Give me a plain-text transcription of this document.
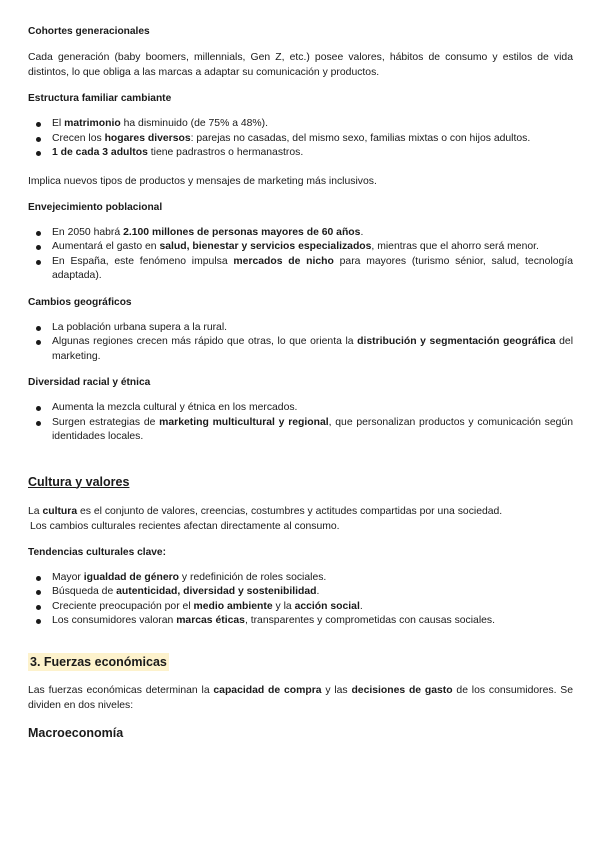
Cohortes generacionales

Cada generación (baby boomers, millennials, Gen Z, etc.) posee valores, hábitos de consumo y estilos de vida distintos, lo que obliga a las marcas a adaptar su comunicación y productos.

Estructura familiar cambiante

El matrimonio ha disminuido (de 75% a 48%).
Crecen los hogares diversos: parejas no casadas, del mismo sexo, familias mixtas o con hijos adultos.
1 de cada 3 adultos tiene padrastros o hermanastros.

Implica nuevos tipos de productos y mensajes de marketing más inclusivos.

Envejecimiento poblacional

En 2050 habrá 2.100 millones de personas mayores de 60 años.
Aumentará el gasto en salud, bienestar y servicios especializados, mientras que el ahorro será menor.
En España, este fenómeno impulsa mercados de nicho para mayores (turismo sénior, salud, tecnología adaptada).

Cambios geográficos

La población urbana supera a la rural.
Algunas regiones crecen más rápido que otras, lo que orienta la distribución y segmentación geográfica del marketing.

Diversidad racial y étnica

Aumenta la mezcla cultural y étnica en los mercados.
Surgen estrategias de marketing multicultural y regional, que personalizan productos y comunicación según identidades locales.

Cultura y valores

La cultura es el conjunto de valores, creencias, costumbres y actitudes compartidas por una sociedad.

Los cambios culturales recientes afectan directamente al consumo.

Tendencias culturales clave:

Mayor igualdad de género y redefinición de roles sociales.
Búsqueda de autenticidad, diversidad y sostenibilidad.
Creciente preocupación por el medio ambiente y la acción social.
Los consumidores valoran marcas éticas, transparentes y comprometidas con causas sociales.

3. Fuerzas económicas

Las fuerzas económicas determinan la capacidad de compra y las decisiones de gasto de los consumidores. Se dividen en dos niveles:

Macroeconomía
